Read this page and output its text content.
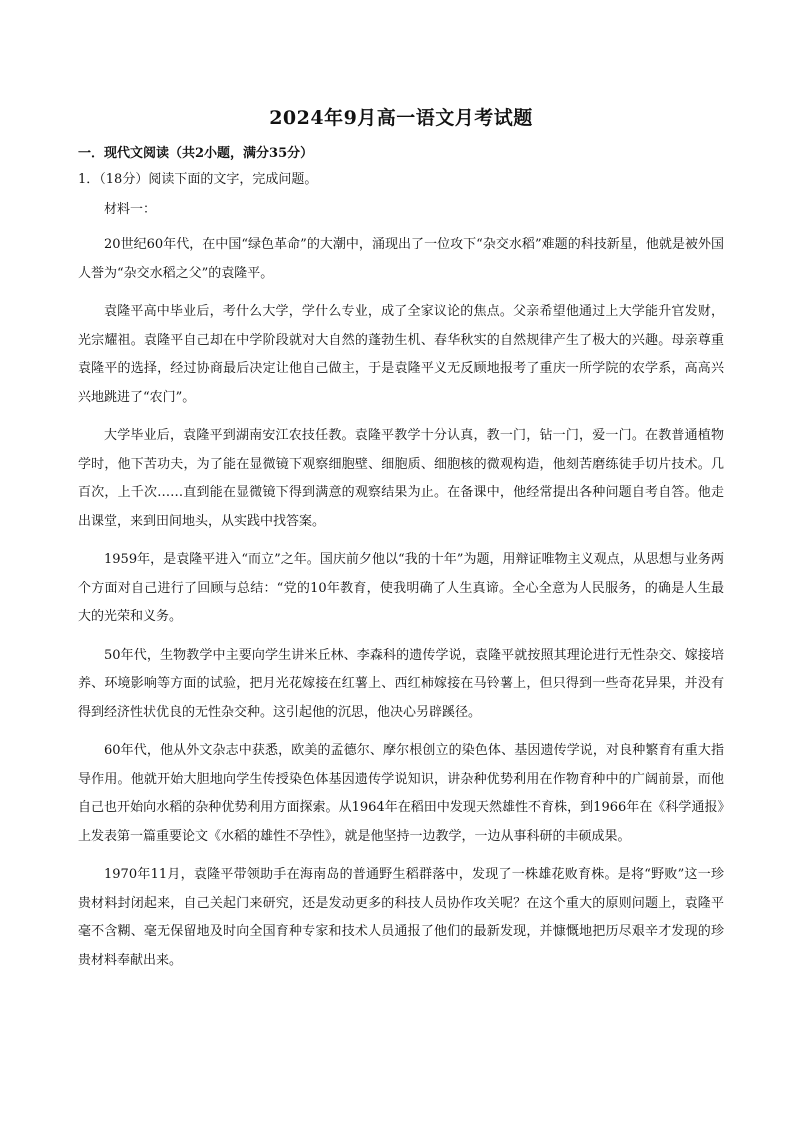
2024年9月高一语文月考试题

一．现代文阅读（共2小题，满分35分）

1．（18分）阅读下面的文字，完成问题。

材料一：

20世纪60年代，在中国“绿色革命”的大潮中，涌现出了一位攻下“杂交水稻”难题的科技新星，他就是被外国人誉为“杂交水稻之父”的袁隆平。

袁隆平高中毕业后，考什么大学，学什么专业，成了全家议论的焦点。父亲希望他通过上大学能升官发财，光宗耀祖。袁隆平自己却在中学阶段就对大自然的蓬勃生机、春华秋实的自然规律产生了极大的兴趣。母亲尊重袁隆平的选择，经过协商最后决定让他自己做主，于是袁隆平义无反顾地报考了重庆一所学院的农学系，高高兴兴地跳进了“农门”。

大学毕业后，袁隆平到湖南安江农技任教。袁隆平教学十分认真，教一门，钻一门，爱一门。在教普通植物学时，他下苦功夫，为了能在显微镜下观察细胞壁、细胞质、细胞核的微观构造，他刻苦磨练徒手切片技术。几百次，上千次……直到能在显微镜下得到满意的观察结果为止。在备课中，他经常提出各种问题自考自答。他走出课堂，来到田间地头，从实践中找答案。

1959年，是袁隆平进入“而立”之年。国庆前夕他以“我的十年”为题，用辩证唯物主义观点，从思想与业务两个方面对自己进行了回顾与总结：“党的10年教育，使我明确了人生真谛。全心全意为人民服务，的确是人生最大的光荣和义务。

50年代，生物教学中主要向学生讲米丘林、李森科的遗传学说，袁隆平就按照其理论进行无性杂交、嫁接培养、环境影响等方面的试验，把月光花嫁接在红薯上、西红柿嫁接在马铃薯上，但只得到一些奇花异果，并没有得到经济性状优良的无性杂交种。这引起他的沉思，他决心另辟蹊径。

60年代，他从外文杂志中获悉，欧美的孟德尔、摩尔根创立的染色体、基因遗传学说，对良种繁育有重大指导作用。他就开始大胆地向学生传授染色体基因遗传学说知识，讲杂种优势利用在作物育种中的广阔前景，而他自己也开始向水稻的杂种优势利用方面探索。从1964年在稻田中发现天然雄性不育株，到1966年在《科学通报》上发表第一篇重要论文《水稻的雄性不孕性》，就是他坚持一边教学，一边从事科研的丰硕成果。

1970年11月，袁隆平带领助手在海南岛的普通野生稻群落中，发现了一株雄花败育株。是将“野败”这一珍贵材料封闭起来，自己关起门来研究，还是发动更多的科技人员协作攻关呢？在这个重大的原则问题上，袁隆平毫不含糊、毫无保留地及时向全国育种专家和技术人员通报了他们的最新发现，并慷慨地把历尽艰辛才发现的珍贵材料奉献出来。
